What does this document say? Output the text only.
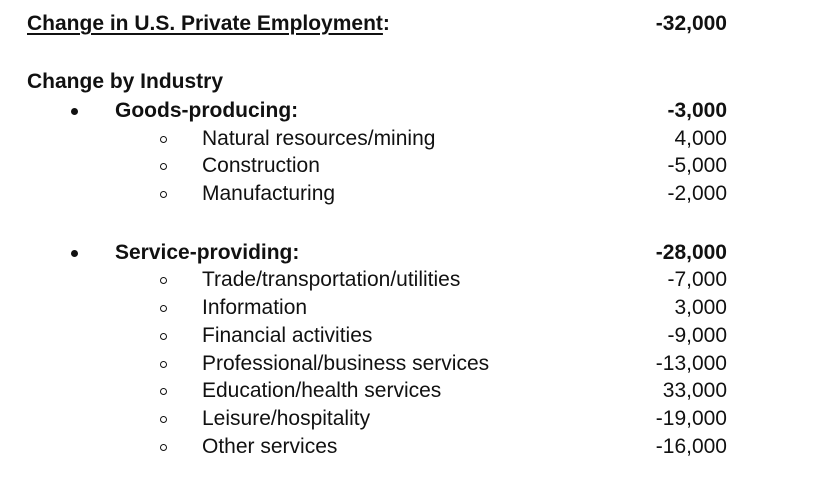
Change in U.S. Private Employment:	-32,000
Change by Industry
Goods-producing:	-3,000
Natural resources/mining	4,000
Construction	-5,000
Manufacturing	-2,000
Service-providing:	-28,000
Trade/transportation/utilities	-7,000
Information	3,000
Financial activities	-9,000
Professional/business services	-13,000
Education/health services	33,000
Leisure/hospitality	-19,000
Other services	-16,000
